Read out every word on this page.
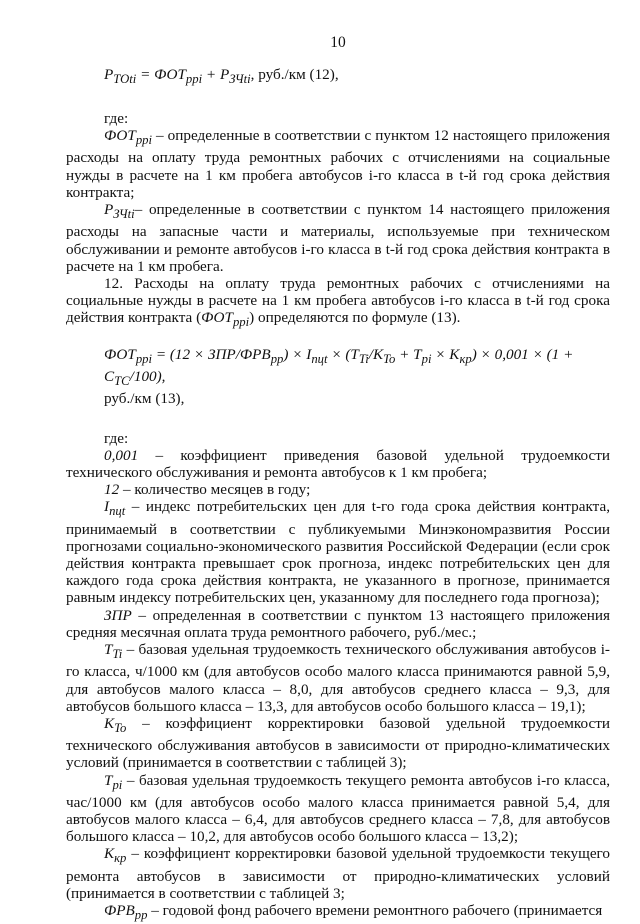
10

$P_{TOti} = ФОТ_{ppi} + P_{ЗЧti}$, руб./км (12),

где:

$ФОТ_{ppi}$ – определенные в соответствии с пунктом 12 настоящего приложения расходы на оплату труда ремонтных рабочих с отчислениями на социальные нужды в расчете на 1 км пробега автобусов i-го класса в t-й год срока действия контракта;

$P_{ЗЧti}-$ определенные в соответствии с пунктом 14 настоящего приложения расходы на запасные части и материалы, используемые при техническом обслуживании и ремонте автобусов i-го класса в t-й год срока действия контракта в расчете на 1 км пробега.

12. Расходы на оплату труда ремонтных рабочих с отчислениями на социальные нужды в расчете на 1 км пробега автобусов i-го класса в t-й год срока действия контракта $(ФОТ_{ppi})$ определяются по формуле (13).

$ФОТ_{ppi} = (12 \times ЗПР/ФРВ_{pp}) \times I_{пцt} \times (T_{Ti}/K_{To} + T_{pi} \times K_{кр}) \times 0,001 \times (1 + C_{TC}/100)$,

руб./км (13),

где:

0,001 – коэффициент приведения базовой удельной трудоемкости технического обслуживания и ремонта автобусов к 1 км пробега;

12 – количество месяцев в году;

$I_{пцt}$ – индекс потребительских цен для t-го года срока действия контракта, принимаемый в соответствии с публикуемыми Минэкономразвития России прогнозами социально-экономического развития Российской Федерации (если срок действия контракта превышает срок прогноза, индекс потребительских цен для каждого года срока действия контракта, не указанного в прогнозе, принимается равным индексу потребительских цен, указанному для последнего года прогноза);

ЗПР – определенная в соответствии с пунктом 13 настоящего приложения средняя месячная оплата труда ремонтного рабочего, руб./мес.;

$T_{Ti}$ – базовая удельная трудоемкость технического обслуживания автобусов i-го класса, ч/1000 км (для автобусов особо малого класса принимаются равной 5,9, для автобусов малого класса – 8,0, для автобусов среднего класса – 9,3, для автобусов большого класса – 13,3, для автобусов особо большого класса – 19,1);

$K_{To}$ – коэффициент корректировки базовой удельной трудоемкости технического обслуживания автобусов в зависимости от природно-климатических условий (принимается в соответствии с таблицей 3);

$T_{pi}$ – базовая удельная трудоемкость текущего ремонта автобусов i-го класса, час/1000 км (для автобусов особо малого класса принимается равной 5,4, для автобусов малого класса – 6,4, для автобусов среднего класса – 7,8, для автобусов большого класса – 10,2, для автобусов особо большого класса – 13,2);

$K_{кр}$ – коэффициент корректировки базовой удельной трудоемкости текущего ремонта автобусов в зависимости от природно-климатических условий (принимается в соответствии с таблицей 3;

$ФРВ_{pp}$ – годовой фонд рабочего времени ремонтного рабочего (принимается
